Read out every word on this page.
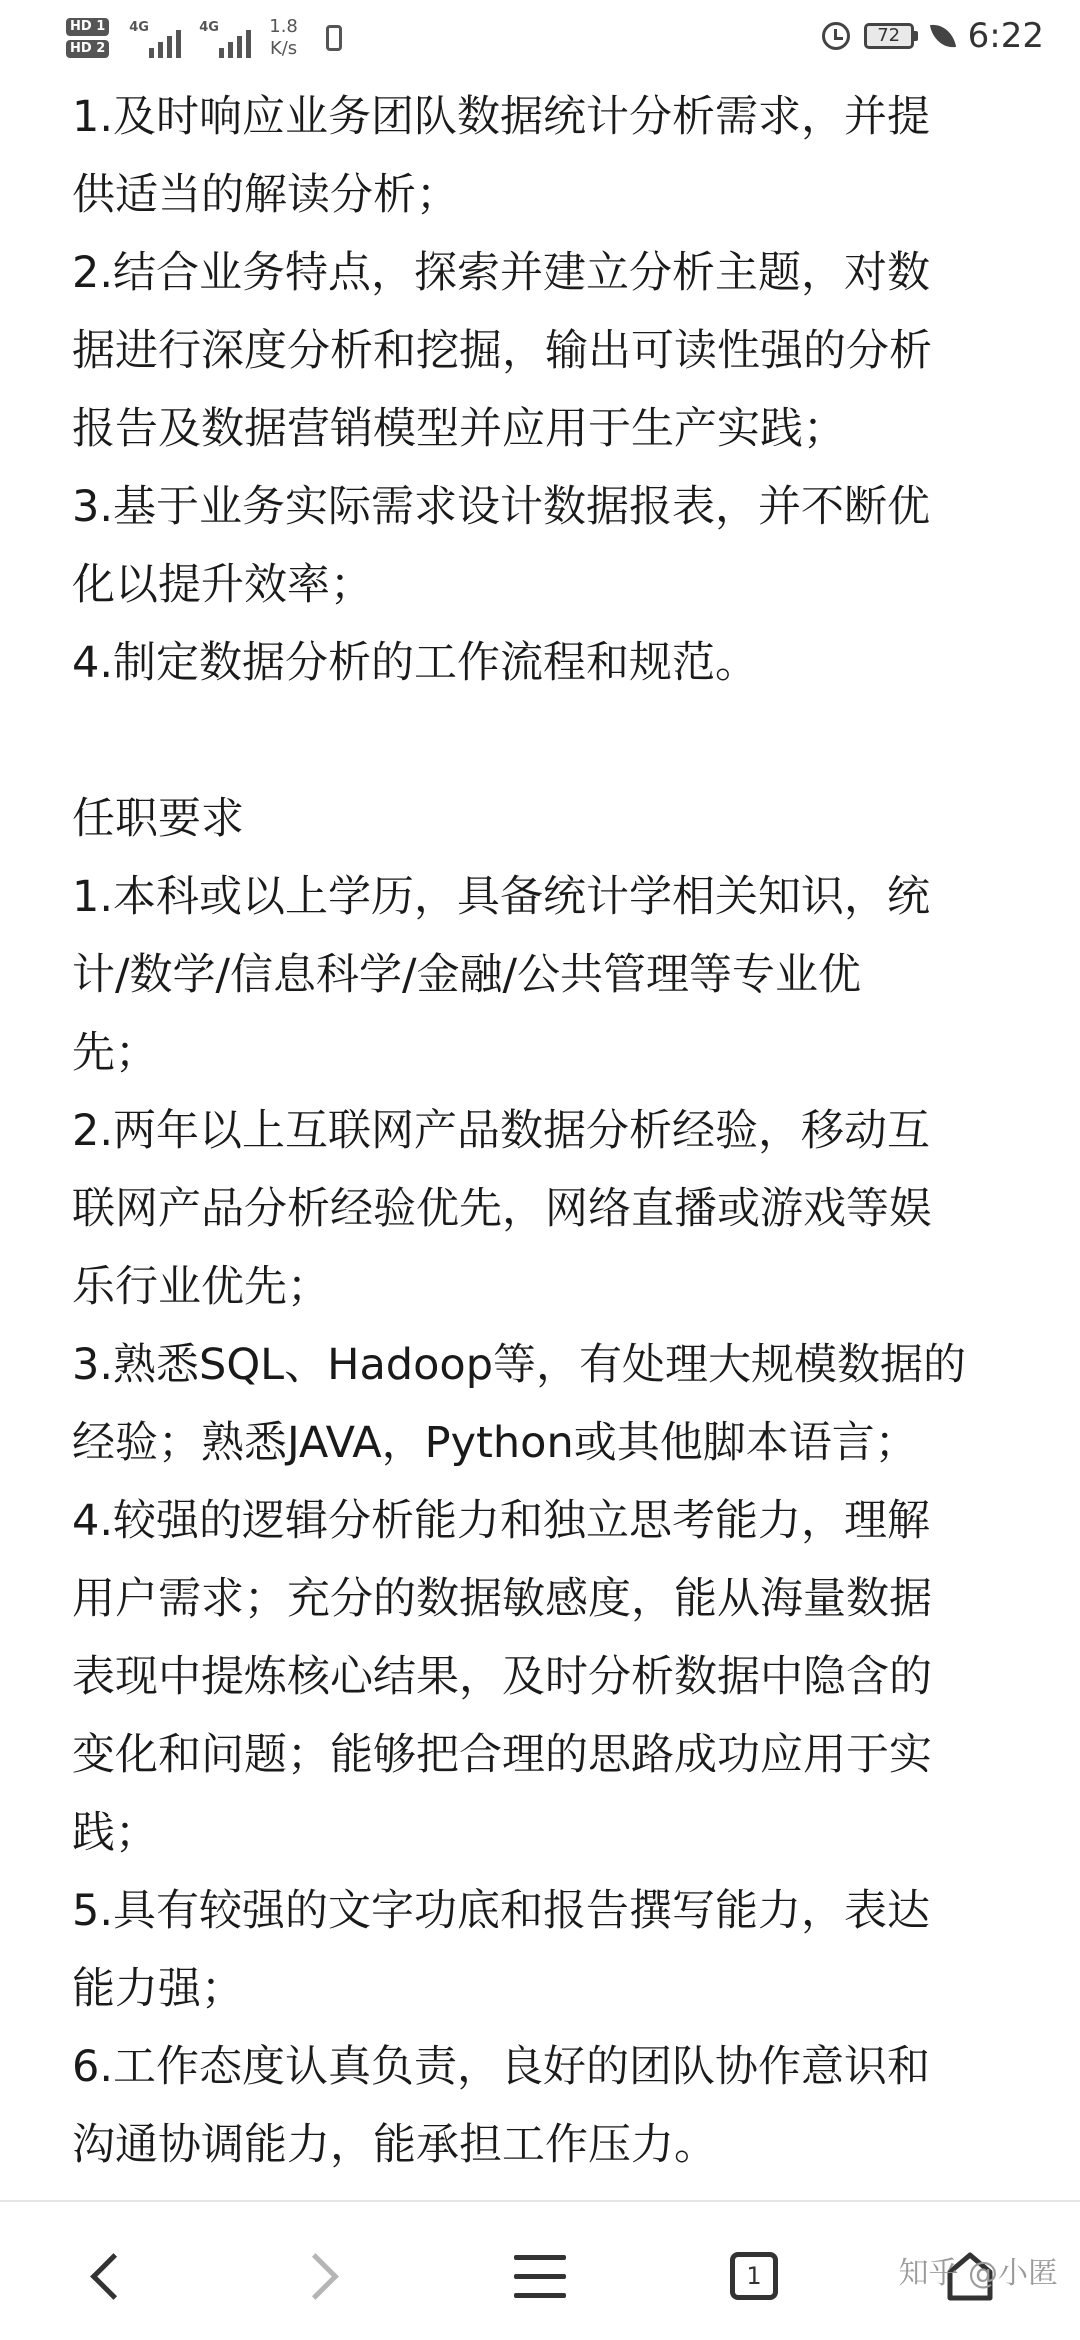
HD 1
HD 2
4G	4G	1.8
K/s
72	6:22

1.及时响应业务团队数据统计分析需求，并提

供适当的解读分析；

2.结合业务特点，探索并建立分析主题，对数

据进行深度分析和挖掘，输出可读性强的分析

报告及数据营销模型并应用于生产实践；

3.基于业务实际需求设计数据报表，并不断优

化以提升效率；

4.制定数据分析的工作流程和规范。

任职要求

1.本科或以上学历，具备统计学相关知识，统

计/数学/信息科学/金融/公共管理等专业优

先；

2.两年以上互联网产品数据分析经验，移动互

联网产品分析经验优先，网络直播或游戏等娱

乐行业优先；

3.熟悉SQL、Hadoop等，有处理大规模数据的

经验；熟悉JAVA，Python或其他脚本语言；

4.较强的逻辑分析能力和独立思考能力，理解

用户需求；充分的数据敏感度，能从海量数据

表现中提炼核心结果，及时分析数据中隐含的

变化和问题；能够把合理的思路成功应用于实

践；

5.具有较强的文字功底和报告撰写能力，表达

能力强；

6.工作态度认真负责，良好的团队协作意识和

沟通协调能力，能承担工作压力。

1	知乎 @小匿
